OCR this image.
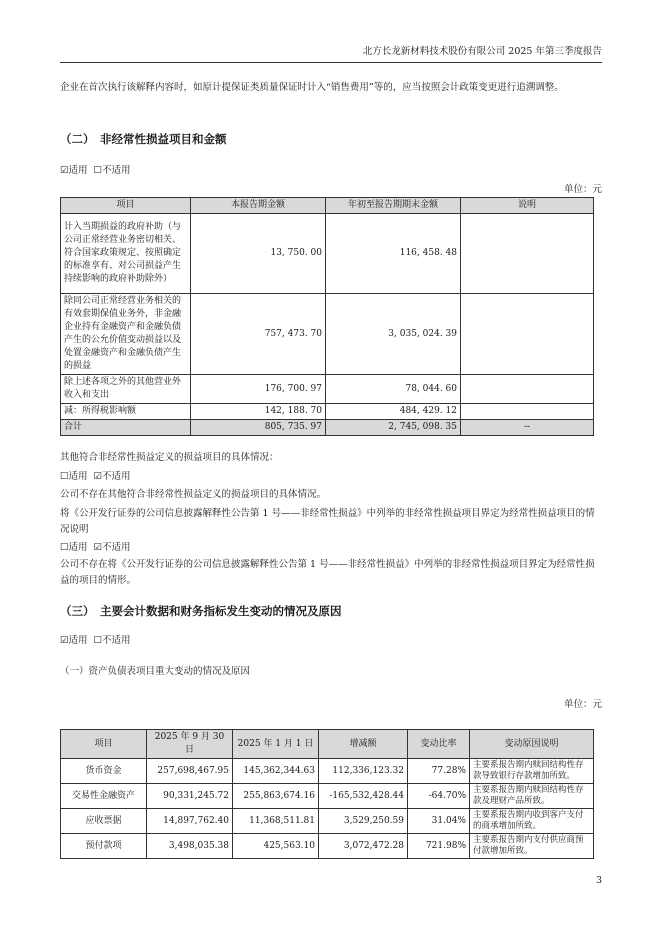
北方长龙新材料技术股份有限公司 2025 年第三季度报告
企业在首次执行该解释内容时，如原计提保证类质量保证时计入“销售费用”等的，应当按照会计政策变更进行追溯调整。
（二） 非经常性损益项目和金额
☑适用 ☐不适用
单位：元
项目	本报告期金额	年初至报告期期末金额	说明
计入当期损益的政府补助（与公司正常经营业务密切相关、符合国家政策规定、按照确定的标准享有、对公司损益产生持续影响的政府补助除外）	13, 750. 00	116, 458. 48	
除同公司正常经营业务相关的有效套期保值业务外，非金融企业持有金融资产和金融负债产生的公允价值变动损益以及处置金融资产和金融负债产生的损益	757, 473. 70	3, 035, 024. 39	
除上述各项之外的其他营业外收入和支出	176, 700. 97	78, 044. 60	
减：所得税影响额	142, 188. 70	484, 429. 12	
合计	805, 735. 97	2, 745, 098. 35	--
其他符合非经常性损益定义的损益项目的具体情况：
☐适用 ☑不适用
公司不存在其他符合非经常性损益定义的损益项目的具体情况。
将《公开发行证券的公司信息披露解释性公告第 1 号——非经常性损益》中列举的非经常性损益项目界定为经常性损益项目的情况说明
☐适用 ☑不适用
公司不存在将《公开发行证券的公司信息披露解释性公告第 1 号——非经常性损益》中列举的非经常性损益项目界定为经常性损益的项目的情形。
（三） 主要会计数据和财务指标发生变动的情况及原因
☑适用 ☐不适用
（一）资产负债表项目重大变动的情况及原因
单位：元
项目	2025 年 9 月 30 日	2025 年 1 月 1 日	增减额	变动比率	变动原因说明
货币资金	257,698,467.95	145,362,344.63	112,336,123.32	77.28%	主要系报告期内赎回结构性存款导致银行存款增加所致。
交易性金融资产	90,331,245.72	255,863,674.16	-165,532,428.44	-64.70%	主要系报告期内赎回结构性存款及理财产品所致。
应收票据	14,897,762.40	11,368,511.81	3,529,250.59	31.04%	主要系报告期内收到客户支付的商承增加所致。
预付款项	3,498,035.38	425,563.10	3,072,472.28	721.98%	主要系报告期内支付供应商预付款增加所致。
3
